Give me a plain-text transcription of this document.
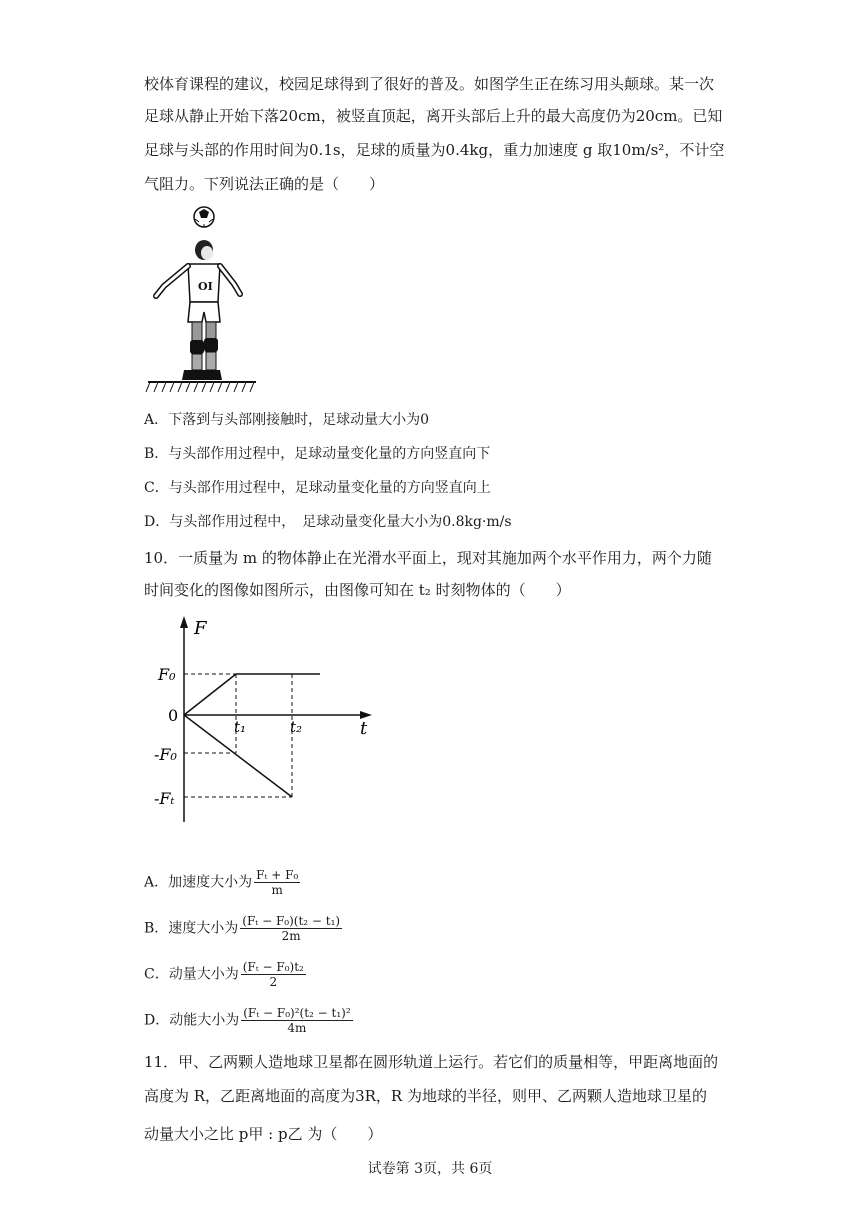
校体育课程的建议，校园足球得到了很好的普及。如图学生正在练习用头颠球。某一次
足球从静止开始下落20cm，被竖直顶起，离开头部后上升的最大高度仍为20cm。已知
足球与头部的作用时间为0.1s，足球的质量为0.4kg，重力加速度 g 取10m/s²，不计空
气阻力。下列说法正确的是（　　）
OI
A．下落到与头部刚接触时，足球动量大小为0
B．与头部作用过程中，足球动量变化量的方向竖直向下
C．与头部作用过程中，足球动量变化量的方向竖直向上
D．与头部作用过程中，　足球动量变化量大小为0.8kg·m/s
10．一质量为 m 的物体静止在光滑水平面上，现对其施加两个水平作用力，两个力随
时间变化的图像如图所示，由图像可知在 t₂ 时刻物体的（　　）
F
t
0
F₀
-F₀
-Fₜ
t₁	t₂
A．加速度大小为 $\frac{\text{Fₜ + F₀}}{m}$
B．速度大小为 $\frac{\text{(Fₜ − F₀)(t₂ − t₁)}}{2m}$
C．动量大小为 $\frac{\text{(Fₜ − F₀)t₂}}{2}$
D．动能大小为 $\frac{\text{(Fₜ − F₀)²(t₂ − t₁)²}}{4m}$
11．甲、乙两颗人造地球卫星都在圆形轨道上运行。若它们的质量相等，甲距离地面的
高度为 R，乙距离地面的高度为3R，R 为地球的半径，则甲、乙两颗人造地球卫星的
动量大小之比 p甲 : p乙 为（　　）
试卷第 3页，共 6页
